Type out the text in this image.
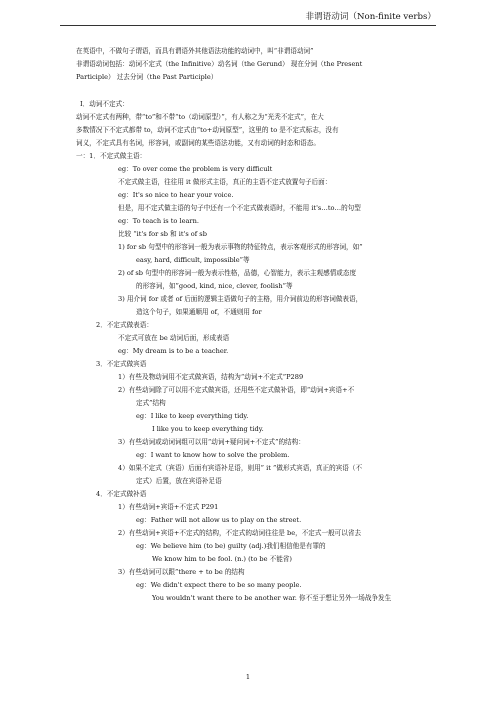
非谓语动词（Non-finite verbs）
在英语中，不做句子谓语，而具有谓语外其他语法功能的动词中，叫“非谓语动词”
非谓语动词包括：动词不定式（the Infinitive）动名词（the Gerund） 现在分词（the Present
Participle） 过去分词（the Past Participle）
Ⅰ．动词不定式：
动词不定式有两种，带“to”和不带“to（动词原型）”，有人称之为“光秃不定式”，在大
多数情况下不定式都带 to，动词不定式由“to+动词原型”，这里的 to 是不定式标志，没有
词义，不定式具有名词，形容词，或副词的某些语法功能，又有动词的时态和语态。
一：1．不定式做主语：
eg：To over come the problem is very difficult
不定式做主语，往往用 it 做形式主语，真正的主语不定式放置句子后面：
eg：It's so nice to hear your voice.
但是，用不定式做主语的句子中还有一个不定式做表语时，不能用 it's…to…的句型
eg：To teach is to learn.
比较 “it's for sb 和 it's of sb
1) for sb 句型中的形容词一般为表示事物的特征特点，表示客观形式的形容词，如”
easy, hard, difficult, impossible”等
2) of sb 句型中的形容词一般为表示性格，品德，心智能力，表示主观感情或态度
的形容词，如”good, kind, nice, clever, foolish”等
3) 用介词 for 或者 of 后面的逻辑主语做句子的主格，用介词前边的形容词做表语，
造这个句子，如果通顺用 of，不通则用 for
2．不定式做表语：
不定式可放在 be 动词后面，形成表语
eg：My dream is to be a teacher.
3．不定式做宾语
1）有些及物动词用不定式做宾语，结构为“动词+不定式”P289
2）有些动词除了可以用不定式做宾语，还用些不定式做补语，即“动词+宾语+不
定式”结构
eg：I like to keep everything tidy.
I like you to keep everything tidy.
3）有些动词或动词词组可以用“动词+疑问词+不定式”的结构：
eg：I want to know how to solve the problem.
4）如果不定式（宾语）后面有宾语补足语，则用” it ”做形式宾语，真正的宾语（不
定式）后置，放在宾语补足语
4．不定式做补语
1）有些动词+宾语+不定式 P291
eg：Father will not allow us to play on the street.
2）有些动词+宾语+不定式的结构，不定式的动词往往是 be，不定式一般可以省去
eg：We believe him (to be) guilty (adj.)我们相信他是有罪的
We know him to be fool. (n.) (to be 不能省)
3）有些动词可以跟”there + to be 的结构
eg：We didn't expect there to be so many people.
You wouldn't want there to be another war. 你不至于想让另外一场战争发生
1
